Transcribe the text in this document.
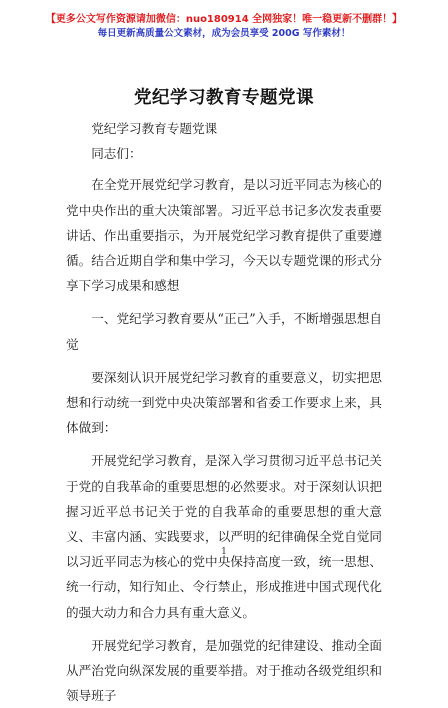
【更多公文写作资源请加微信：nuo180914 全网独家！唯一稳更新不删群！】
每日更新高质量公文素材，成为会员享受 200G 写作素材！
党纪学习教育专题党课

党纪学习教育专题党课

同志们：

在全党开展党纪学习教育，是以习近平同志为核心的党中央作出的重大决策部署。习近平总书记多次发表重要讲话、作出重要指示，为开展党纪学习教育提供了重要遵循。结合近期自学和集中学习，今天以专题党课的形式分享下学习成果和感想

一、党纪学习教育要从“正己”入手，不断增强思想自觉

要深刻认识开展党纪学习教育的重要意义，切实把思想和行动统一到党中央决策部署和省委工作要求上来，具体做到：

开展党纪学习教育，是深入学习贯彻习近平总书记关于党的自我革命的重要思想的必然要求。对于深刻认识把握习近平总书记关于党的自我革命的重要思想的重大意义、丰富内涵、实践要求，以严明的纪律确保全党自觉同以习近平同志为核心的党中央保持高度一致，统一思想、统一行动，知行知止、令行禁止，形成推进中国式现代化的强大动力和合力具有重大意义。

开展党纪学习教育，是加强党的纪律建设、推动全面从严治党向纵深发展的重要举措。对于推动各级党组织和领导班子

1
